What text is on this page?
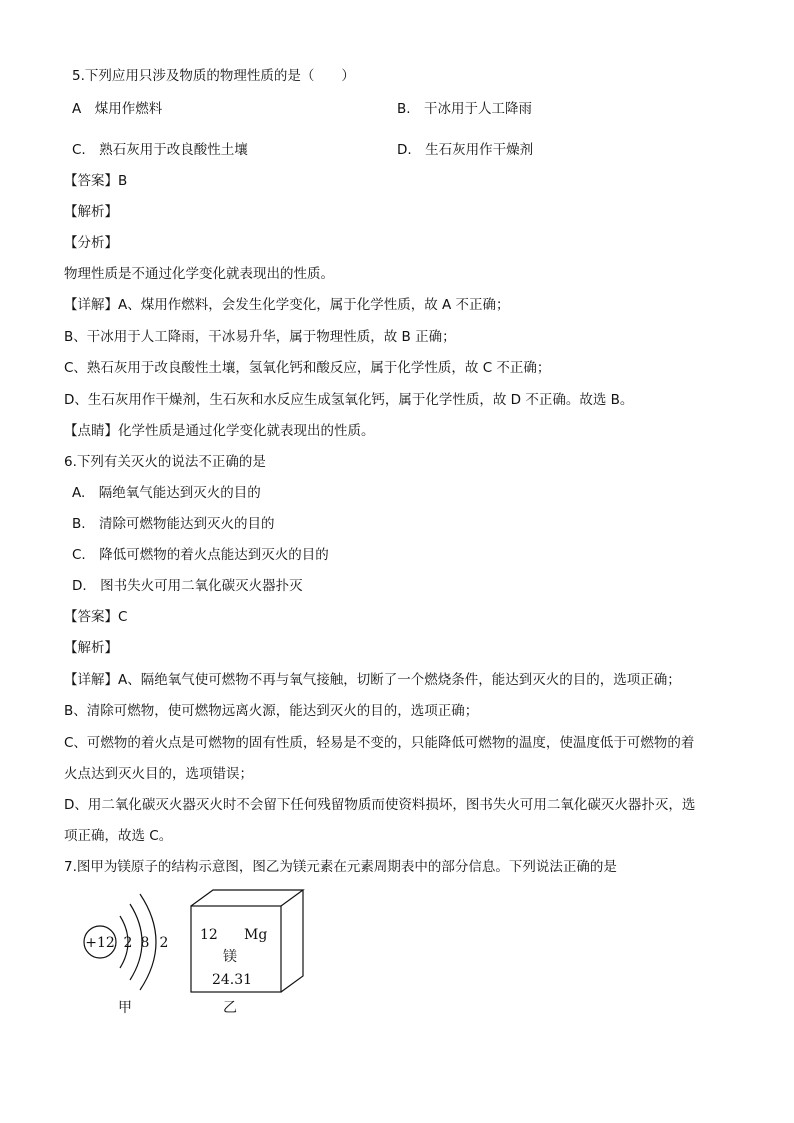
5.下列应用只涉及物质的物理性质的是（　　）
A　煤用作燃料	B.　干冰用于人工降雨
C.　熟石灰用于改良酸性土壤	D.　生石灰用作干燥剂
【答案】B
【解析】
【分析】
物理性质是不通过化学变化就表现出的性质。
【详解】A、煤用作燃料，会发生化学变化，属于化学性质，故 A 不正确；
B、干冰用于人工降雨，干冰易升华，属于物理性质，故 B 正确；
C、熟石灰用于改良酸性土壤，氢氧化钙和酸反应，属于化学性质，故 C 不正确；
D、生石灰用作干燥剂，生石灰和水反应生成氢氧化钙，属于化学性质，故 D 不正确。故选 B。
【点睛】化学性质是通过化学变化就表现出的性质。
6.下列有关灭火的说法不正确的是
A.　隔绝氧气能达到灭火的目的
B.　清除可燃物能达到灭火的目的
C.　降低可燃物的着火点能达到灭火的目的
D.　图书失火可用二氧化碳灭火器扑灭
【答案】C
【解析】
【详解】A、隔绝氧气使可燃物不再与氧气接触，切断了一个燃烧条件，能达到灭火的目的，选项正确；
B、清除可燃物，使可燃物远离火源，能达到灭火的目的，选项正确；
C、可燃物的着火点是可燃物的固有性质，轻易是不变的，只能降低可燃物的温度，使温度低于可燃物的着
火点达到灭火目的，选项错误；
D、用二氧化碳灭火器灭火时不会留下任何残留物质而使资料损坏，图书失火可用二氧化碳灭火器扑灭，选
项正确，故选 C。
7.图甲为镁原子的结构示意图，图乙为镁元素在元素周期表中的部分信息。下列说法正确的是
+12 2 8 2
甲
12 Mg
镁
24.31
乙
